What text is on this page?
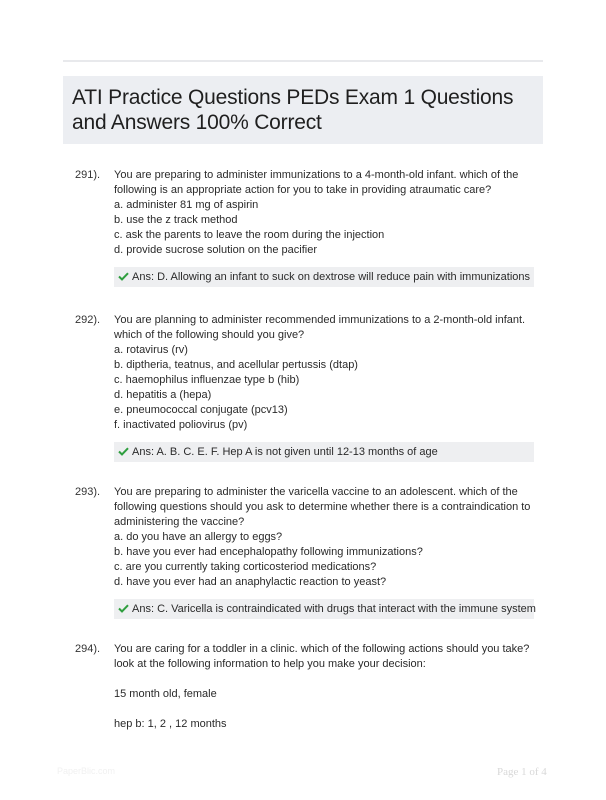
ATI Practice Questions PEDs Exam 1 Questions and Answers 100% Correct
291). You are preparing to administer immunizations to a 4-month-old infant. which of the following is an appropriate action for you to take in providing atraumatic care?

a. administer 81 mg of aspirin

b. use the z track method

c. ask the parents to leave the room during the injection

d. provide sucrose solution on the pacifier

Ans: D. Allowing an infant to suck on dextrose will reduce pain with immunizations
292). You are planning to administer recommended immunizations to a 2-month-old infant. which of the following should you give?

a. rotavirus (rv)

b. diptheria, teatnus, and acellular pertussis (dtap)

c. haemophilus influenzae type b (hib)

d. hepatitis a (hepa)

e. pneumococcal conjugate (pcv13)

f. inactivated poliovirus (pv)

Ans: A. B. C. E. F. Hep A is not given until 12-13 months of age
293). You are preparing to administer the varicella vaccine to an adolescent. which of the following questions should you ask to determine whether there is a contraindication to administering the vaccine?

a. do you have an allergy to eggs?

b. have you ever had encephalopathy following immunizations?

c. are you currently taking corticosteriod medications?

d. have you ever had an anaphylactic reaction to yeast?

Ans: C. Varicella is contraindicated with drugs that interact with the immune system
294). You are caring for a toddler in a clinic. which of the following actions should you take? look at the following information to help you make your decision:

15 month old, female

hep b: 1, 2 , 12 months

PaperBlic.com	Page 1 of 4
